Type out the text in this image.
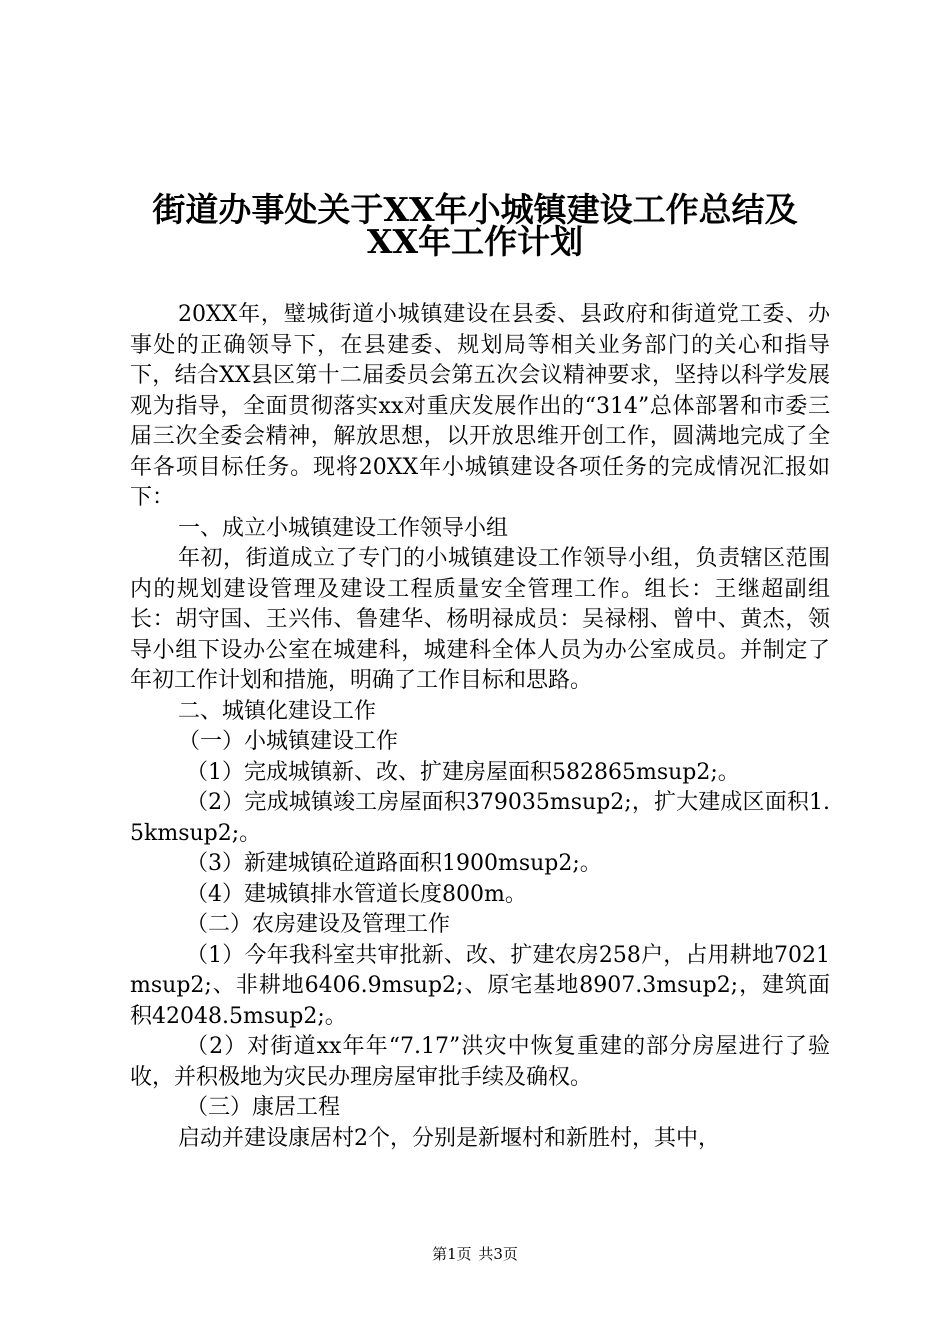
街道办事处关于XX年小城镇建设工作总结及
XX年工作计划

20XX年，璧城街道小城镇建设在县委、县政府和街道党工委、办事处的正确领导下，在县建委、规划局等相关业务部门的关心和指导下，结合XX县区第十二届委员会第五次会议精神要求，坚持以科学发展观为指导，全面贯彻落实xx对重庆发展作出的“314”总体部署和市委三届三次全委会精神，解放思想，以开放思维开创工作，圆满地完成了全年各项目标任务。现将20XX年小城镇建设各项任务的完成情况汇报如下：

一、成立小城镇建设工作领导小组

年初，街道成立了专门的小城镇建设工作领导小组，负责辖区范围内的规划建设管理及建设工程质量安全管理工作。组长：王继超副组长：胡守国、王兴伟、鲁建华、杨明禄成员：吴禄栩、曾中、黄杰，领导小组下设办公室在城建科，城建科全体人员为办公室成员。并制定了年初工作计划和措施，明确了工作目标和思路。

二、城镇化建设工作

（一）小城镇建设工作

（1）完成城镇新、改、扩建房屋面积582865msup2;。

（2）完成城镇竣工房屋面积379035msup2;，扩大建成区面积1.5kmsup2;。

（3）新建城镇砼道路面积1900msup2;。

（4）建城镇排水管道长度800m。

（二）农房建设及管理工作

（1）今年我科室共审批新、改、扩建农房258户，占用耕地7021msup2;、非耕地6406.9msup2;、原宅基地8907.3msup2;，建筑面积42048.5msup2;。

（2）对街道xx年年“7.17”洪灾中恢复重建的部分房屋进行了验收，并积极地为灾民办理房屋审批手续及确权。

（三）康居工程

启动并建设康居村2个，分别是新堰村和新胜村，其中，

第1页 共3页
